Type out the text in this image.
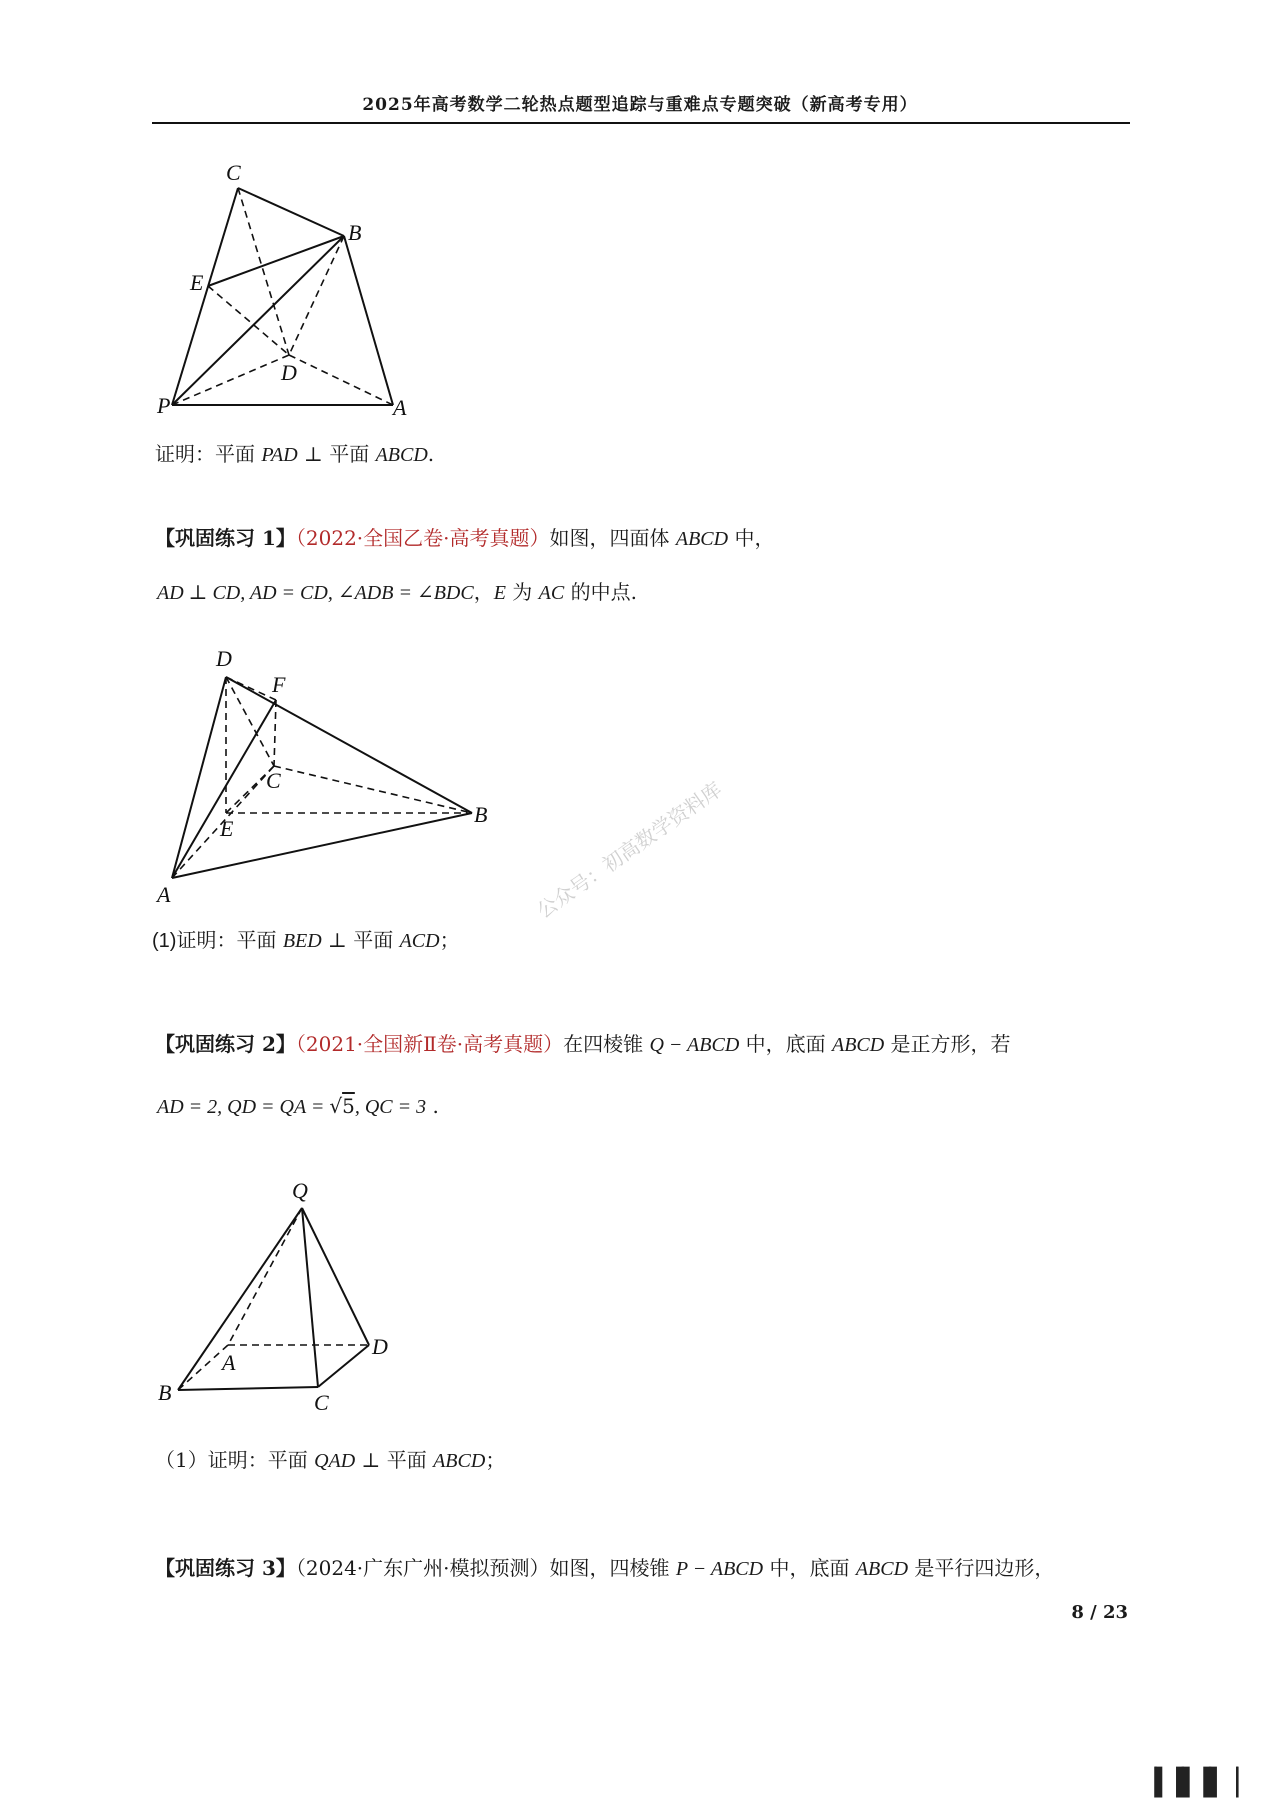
2025年高考数学二轮热点题型追踪与重难点专题突破（新高考专用）
C
B
E
D
P	A
证明：平面 PAD ⊥ 平面 ABCD.
【巩固练习 1】（2022·全国乙卷·高考真题）如图，四面体 ABCD 中，
AD ⊥ CD, AD = CD, ∠ADB = ∠BDC，E 为 AC 的中点.
D
F
C
E
B
A
(1)证明：平面 BED ⊥ 平面 ACD；
公众号：初高数学资料库
【巩固练习 2】（2021·全国新Ⅱ卷·高考真题）在四棱锥 Q − ABCD 中，底面 ABCD 是正方形，若
AD = 2, QD = QA = √5, QC = 3 .
Q
A
D
B	C
（1）证明：平面 QAD ⊥ 平面 ABCD；
【巩固练习 3】（2024·广东广州·模拟预测）如图，四棱锥 P − ABCD 中，底面 ABCD 是平行四边形，
8 / 23
▕▌▐▌▐▌▕▏
